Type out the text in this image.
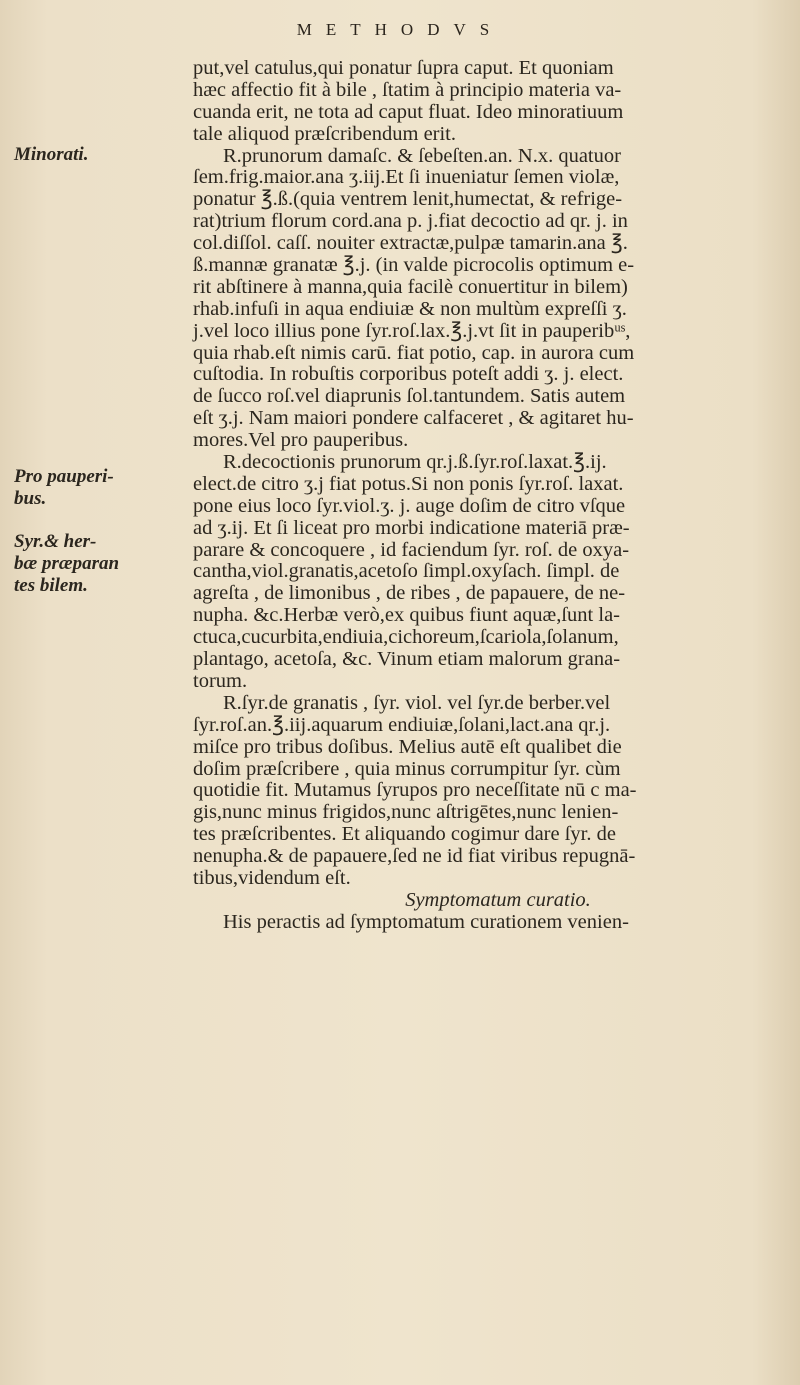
METHODVS
Minorati.
Pro pauperi-
bus.
Syr.& her-
bæ præparan
tes bilem.
put,vel catulus,qui ponatur ſupra caput. Et quoniam
hæc affectio fit à bile , ſtatim à principio materia va-
cuanda erit, ne tota ad caput fluat. Ideo minoratiuum
tale aliquod præſcribendum erit.
R.prunorum damaſc. & ſebeſten.an. N.x. quatuor
ſem.frig.maior.ana ʒ.iij.Et ſi inueniatur ſemen violæ,
ponatur ℥.ß.(quia ventrem lenit,humectat, & refrige-
rat)trium florum cord.ana p. j.fiat decoctio ad qr. j. in
col.diſſol. caſſ. nouiter extractæ,pulpæ tamarin.ana ℥.
ß.mannæ granatæ ℥.j. (in valde picrocolis optimum e-
rit abſtinere à manna,quia facilè conuertitur in bilem)
rhab.infuſi in aqua endiuiæ & non multùm expreſſi ʒ.
j.vel loco illius pone ſyr.roſ.lax.℥.j.vt ſit in pauperibᵘˢ,
quia rhab.eſt nimis carū. fiat potio, cap. in aurora cum
cuſtodia. In robuſtis corporibus poteſt addi ʒ. j. elect.
de ſucco roſ.vel diaprunis ſol.tantundem. Satis autem
eſt ʒ.j. Nam maiori pondere calfaceret , & agitaret hu-
mores.Vel pro pauperibus.
R.decoctionis prunorum qr.j.ß.ſyr.roſ.laxat.℥.ij.
elect.de citro ʒ.j fiat potus.Si non ponis ſyr.roſ. laxat.
pone eius loco ſyr.viol.ʒ. j. auge doſim de citro vſque
ad ʒ.ij. Et ſi liceat pro morbi indicatione materiā præ-
parare & concoquere , id faciendum ſyr. roſ. de oxya-
cantha,viol.granatis,acetoſo ſimpl.oxyſach. ſimpl. de
agreſta , de limonibus , de ribes , de papauere, de ne-
nupha. &c.Herbæ verò,ex quibus fiunt aquæ,ſunt la-
ctuca,cucurbita,endiuia,cichoreum,ſcariola,ſolanum,
plantago, acetoſa, &c. Vinum etiam malorum grana-
torum.
R.ſyr.de granatis , ſyr. viol. vel ſyr.de berber.vel
ſyr.roſ.an.℥.iij.aquarum endiuiæ,ſolani,lact.ana qr.j.
miſce pro tribus doſibus. Melius autē eſt qualibet die
doſim præſcribere , quia minus corrumpitur ſyr. cùm
quotidie fit. Mutamus ſyrupos pro neceſſitate nū c ma-
gis,nunc minus frigidos,nunc aſtrigētes,nunc lenien-
tes præſcribentes. Et aliquando cogimur dare ſyr. de
nenupha.& de papauere,ſed ne id fiat viribus repugnā-
tibus,videndum eſt.
Symptomatum curatio.
His peractis ad ſymptomatum curationem venien-
